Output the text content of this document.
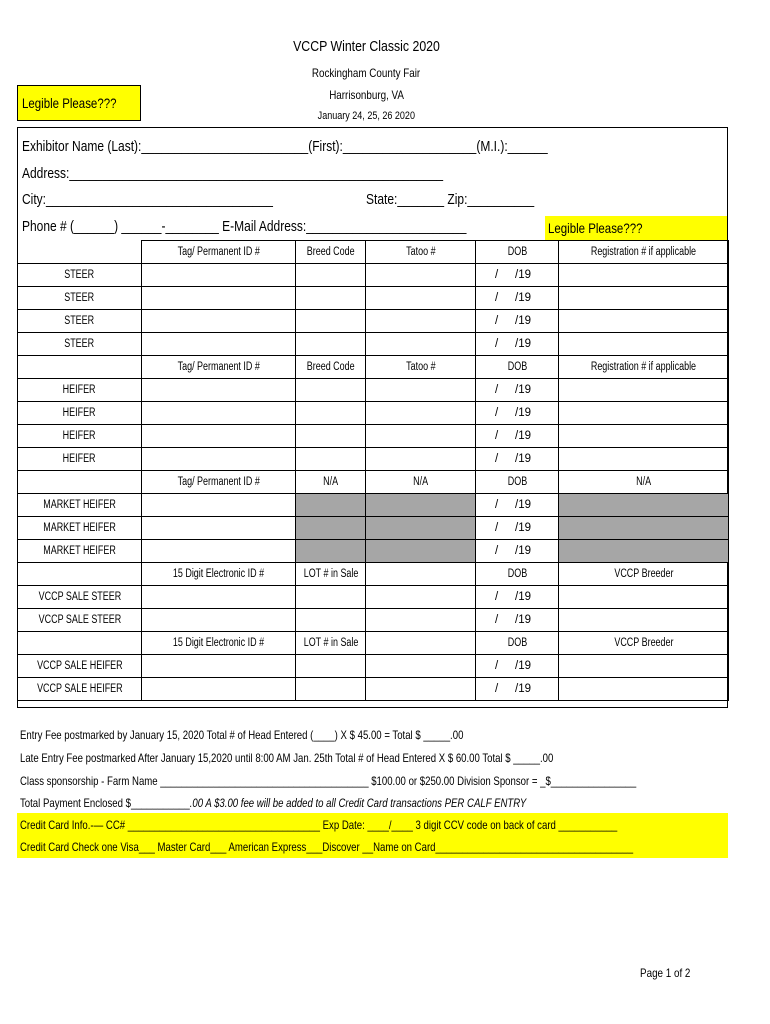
VCCP Winter Classic 2020
Rockingham County Fair
Harrisonburg, VA
January 24, 25, 26 2020
Legible Please???
Exhibitor Name (Last):_________________________(First):____________________(M.I.):______
Address:________________________________________________________
City:__________________________________	State:_______ Zip:__________
Phone # (______) ______-________ E-Mail Address:________________________	Legible Please???
	Tag/ Permanent ID #	Breed Code	Tatoo #	DOB	Registration # if applicable
STEER				/ /19	
STEER				/ /19	
STEER				/ /19	
STEER				/ /19	
	Tag/ Permanent ID #	Breed Code	Tatoo #	DOB	Registration # if applicable
HEIFER				/ /19	
HEIFER				/ /19	
HEIFER				/ /19	
HEIFER				/ /19	
	Tag/ Permanent ID #	N/A	N/A	DOB	N/A
MARKET HEIFER				/ /19	
MARKET HEIFER				/ /19	
MARKET HEIFER				/ /19	
	15 Digit Electronic ID #	LOT # in Sale		DOB	VCCP Breeder
VCCP SALE STEER				/ /19	
VCCP SALE STEER				/ /19	
	15 Digit Electronic ID #	LOT # in Sale		DOB	VCCP Breeder
VCCP SALE HEIFER				/ /19	
VCCP SALE HEIFER				/ /19	
Entry Fee postmarked by January 15, 2020 Total # of Head Entered (____) X $ 45.00 = Total $ _____.00
Late Entry Fee postmarked After January 15,2020 until 8:00 AM Jan. 25th Total # of Head Entered X $ 60.00 Total $ _____.00
Class sponsorship - Farm Name _______________________________________ $100.00 or $250.00 Division Sponsor = _$________________
Total Payment Enclosed $___________.00 A $3.00 fee will be added to all Credit Card transactions PER CALF ENTRY
Credit Card Info.-— CC# ____________________________________ Exp Date: ____/____ 3 digit CCV code on back of card ___________
Credit Card Check one Visa___ Master Card___ American Express___Discover __Name on Card_____________________________________
Page 1 of 2
